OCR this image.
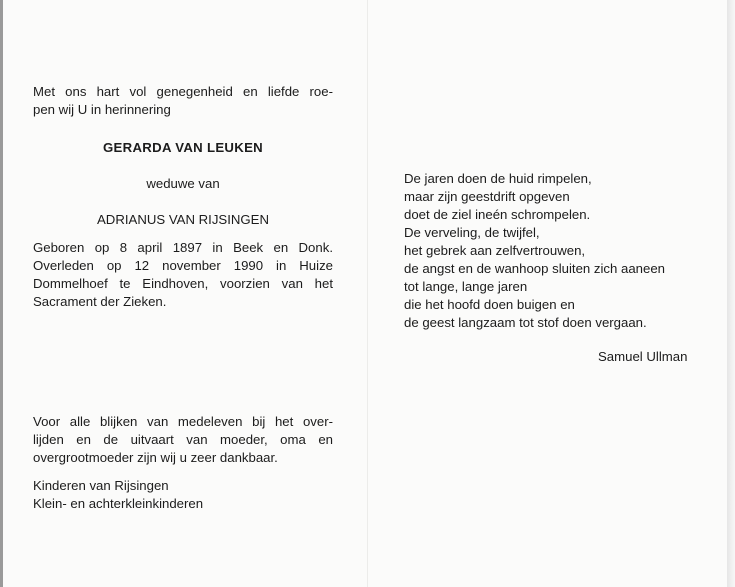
Met ons hart vol genegenheid en liefde roe-
pen wij U in herinnering
GERARDA VAN LEUKEN
weduwe van
ADRIANUS VAN RIJSINGEN
Geboren op 8 april 1897 in Beek en Donk.
Overleden op 12 november 1990 in Huize
Dommelhoef te Eindhoven, voorzien van het
Sacrament der Zieken.
Voor alle blijken van medeleven bij het over-
lijden en de uitvaart van moeder, oma en
overgrootmoeder zijn wij u zeer dankbaar.
Kinderen van Rijsingen
Klein- en achterkleinkinderen
De jaren doen de huid rimpelen,
maar zijn geestdrift opgeven
doet de ziel ineén schrompelen.
De verveling, de twijfel,
het gebrek aan zelfvertrouwen,
de angst en de wanhoop sluiten zich aaneen
tot lange, lange jaren
die het hoofd doen buigen en
de geest langzaam tot stof doen vergaan.
Samuel Ullman
